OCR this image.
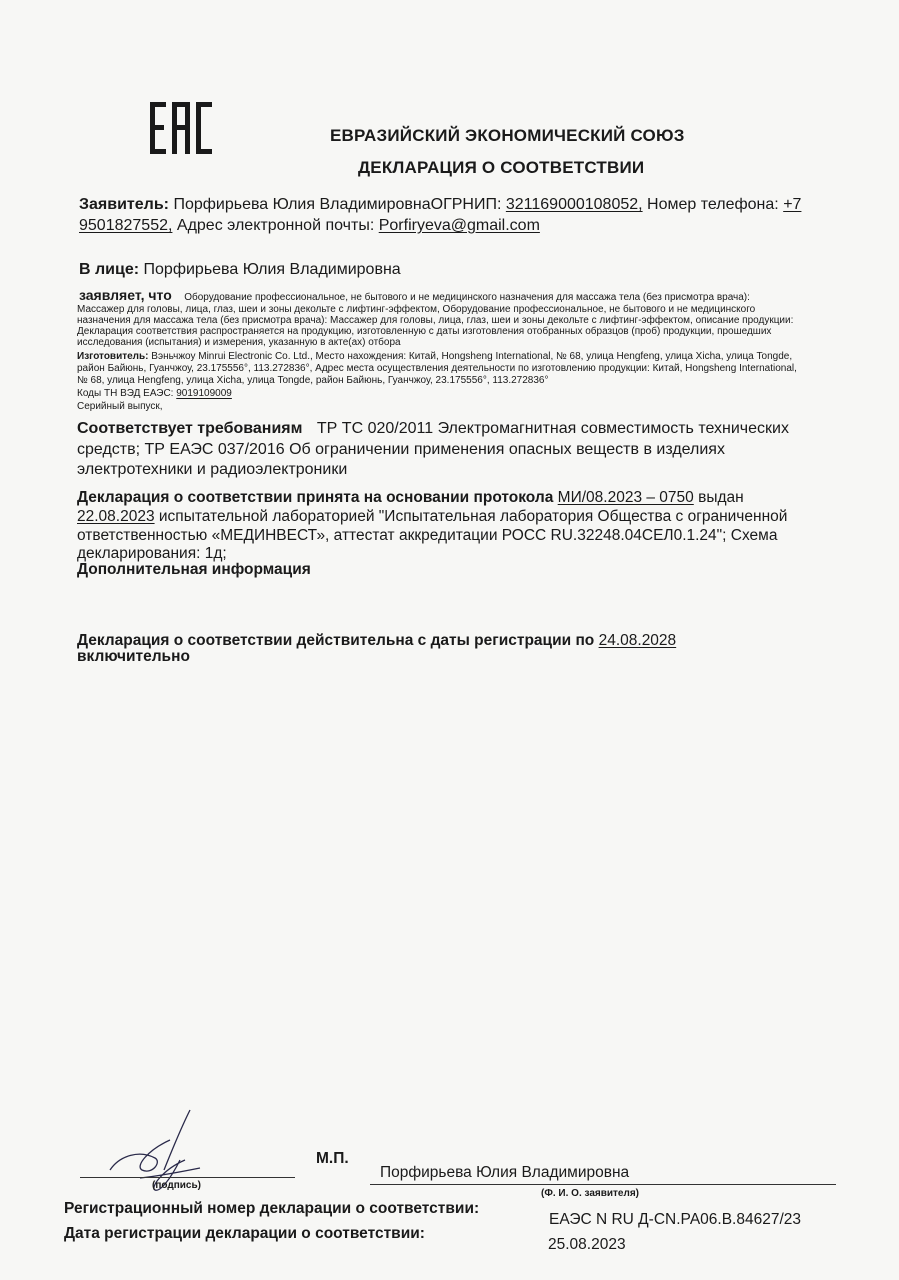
ЕВРАЗИЙСКИЙ ЭКОНОМИЧЕСКИЙ СОЮЗ
ДЕКЛАРАЦИЯ О СООТВЕТСТВИИ
Заявитель: Порфирьева Юлия ВладимировнаОГРНИП: 321169000108052, Номер телефона: +7
9501827552, Адрес электронной почты: Porfiryeva@gmail.com
В лице: Порфирьева Юлия Владимировна
заявляет, что Оборудование профессиональное, не бытового и не медицинского назначения для массажа тела (без присмотра врача):
Массажер для головы, лица, глаз, шеи и зоны декольте с лифтинг-эффектом, Оборудование профессиональное, не бытового и не медицинского
назначения для массажа тела (без присмотра врача): Массажер для головы, лица, глаз, шеи и зоны декольте с лифтинг-эффектом, описание продукции:
Декларация соответствия распространяется на продукцию, изготовленную с даты изготовления отобранных образцов (проб) продукции, прошедших
исследования (испытания) и измерения, указанную в акте(ах) отбора
Изготовитель: Вэньчжоу Minrui Electronic Co. Ltd., Место нахождения: Китай, Hongsheng International, № 68, улица Hengfeng, улица Xicha, улица Tongde,
район Байюнь, Гуанчжоу, 23.175556°, 113.272836°, Адрес места осуществления деятельности по изготовлению продукции: Китай, Hongsheng International,
№ 68, улица Hengfeng, улица Xicha, улица Tongde, район Байюнь, Гуанчжоу, 23.175556°, 113.272836°
Коды ТН ВЭД ЕАЭС: 9019109009
Серийный выпуск,
Соответствует требованиям ТР ТС 020/2011 Электромагнитная совместимость технических
средств; ТР ЕАЭС 037/2016 Об ограничении применения опасных веществ в изделиях
электротехники и радиоэлектроники
Декларация о соответствии принята на основании протокола МИ/08.2023 – 0750 выдан
22.08.2023 испытательной лабораторией "Испытательная лаборатория Общества с ограниченной
ответственностью «МЕДИНВЕСТ», аттестат аккредитации РОСС RU.32248.04СЕЛ0.1.24"; Схема
декларирования: 1д;
Дополнительная информация
Декларация о соответствии действительна с даты регистрации по 24.08.2028
включительно
(подпись)
М.П.
Порфирьева Юлия Владимировна
(Ф. И. О. заявителя)
Регистрационный номер декларации о соответствии:
ЕАЭС N RU Д-CN.РА06.В.84627/23
Дата регистрации декларации о соответствии:
25.08.2023
